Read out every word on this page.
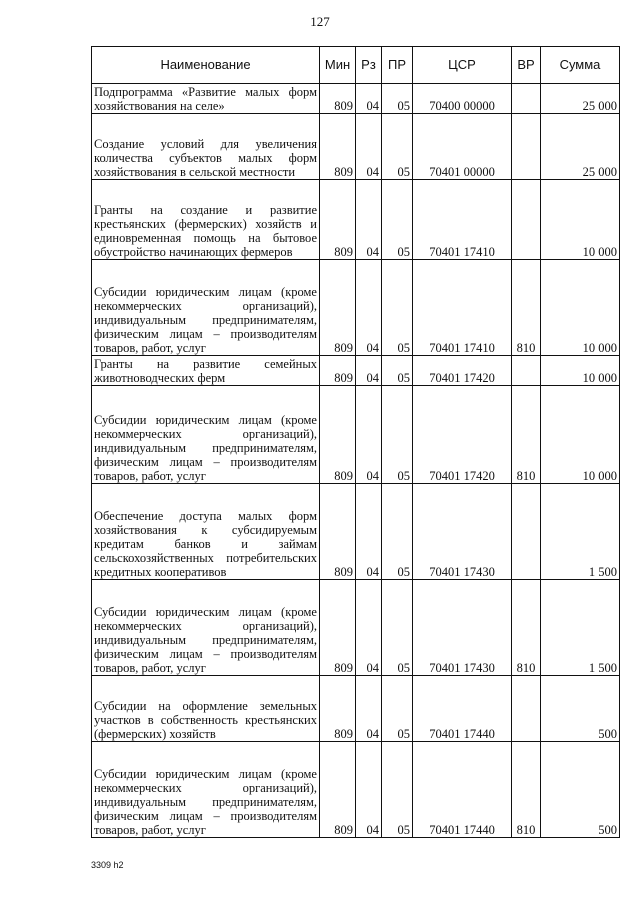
127
Наименование	Мин	Рз	ПР	ЦСР	ВР	Сумма
Подпрограмма «Развитие малых форм хозяйствования на селе»	809	04	05	70400 00000		25 000
Создание условий для увеличения количества субъектов малых форм хозяйствования в сельской местности	809	04	05	70401 00000		25 000
Гранты на создание и развитие крестьянских (фермерских) хозяйств и единовременная помощь на бытовое обустройство начинающих фермеров	809	04	05	70401 17410		10 000
Субсидии юридическим лицам (кроме некоммерческих организаций), индивидуальным предпринимателям, физическим лицам – производителям товаров, работ, услуг	809	04	05	70401 17410	810	10 000
Гранты на развитие семейных животноводческих ферм	809	04	05	70401 17420		10 000
Субсидии юридическим лицам (кроме некоммерческих организаций), индивидуальным предпринимателям, физическим лицам – производителям товаров, работ, услуг	809	04	05	70401 17420	810	10 000
Обеспечение доступа малых форм хозяйствования к субсидируемым кредитам банков и займам сельскохозяйственных потребительских кредитных кооперативов	809	04	05	70401 17430		1 500
Субсидии юридическим лицам (кроме некоммерческих организаций), индивидуальным предпринимателям, физическим лицам – производителям товаров, работ, услуг	809	04	05	70401 17430	810	1 500
Субсидии на оформление земельных участков в собственность крестьянских (фермерских) хозяйств	809	04	05	70401 17440		500
Субсидии юридическим лицам (кроме некоммерческих организаций), индивидуальным предпринимателям, физическим лицам – производителям товаров, работ, услуг	809	04	05	70401 17440	810	500
3309 h2
